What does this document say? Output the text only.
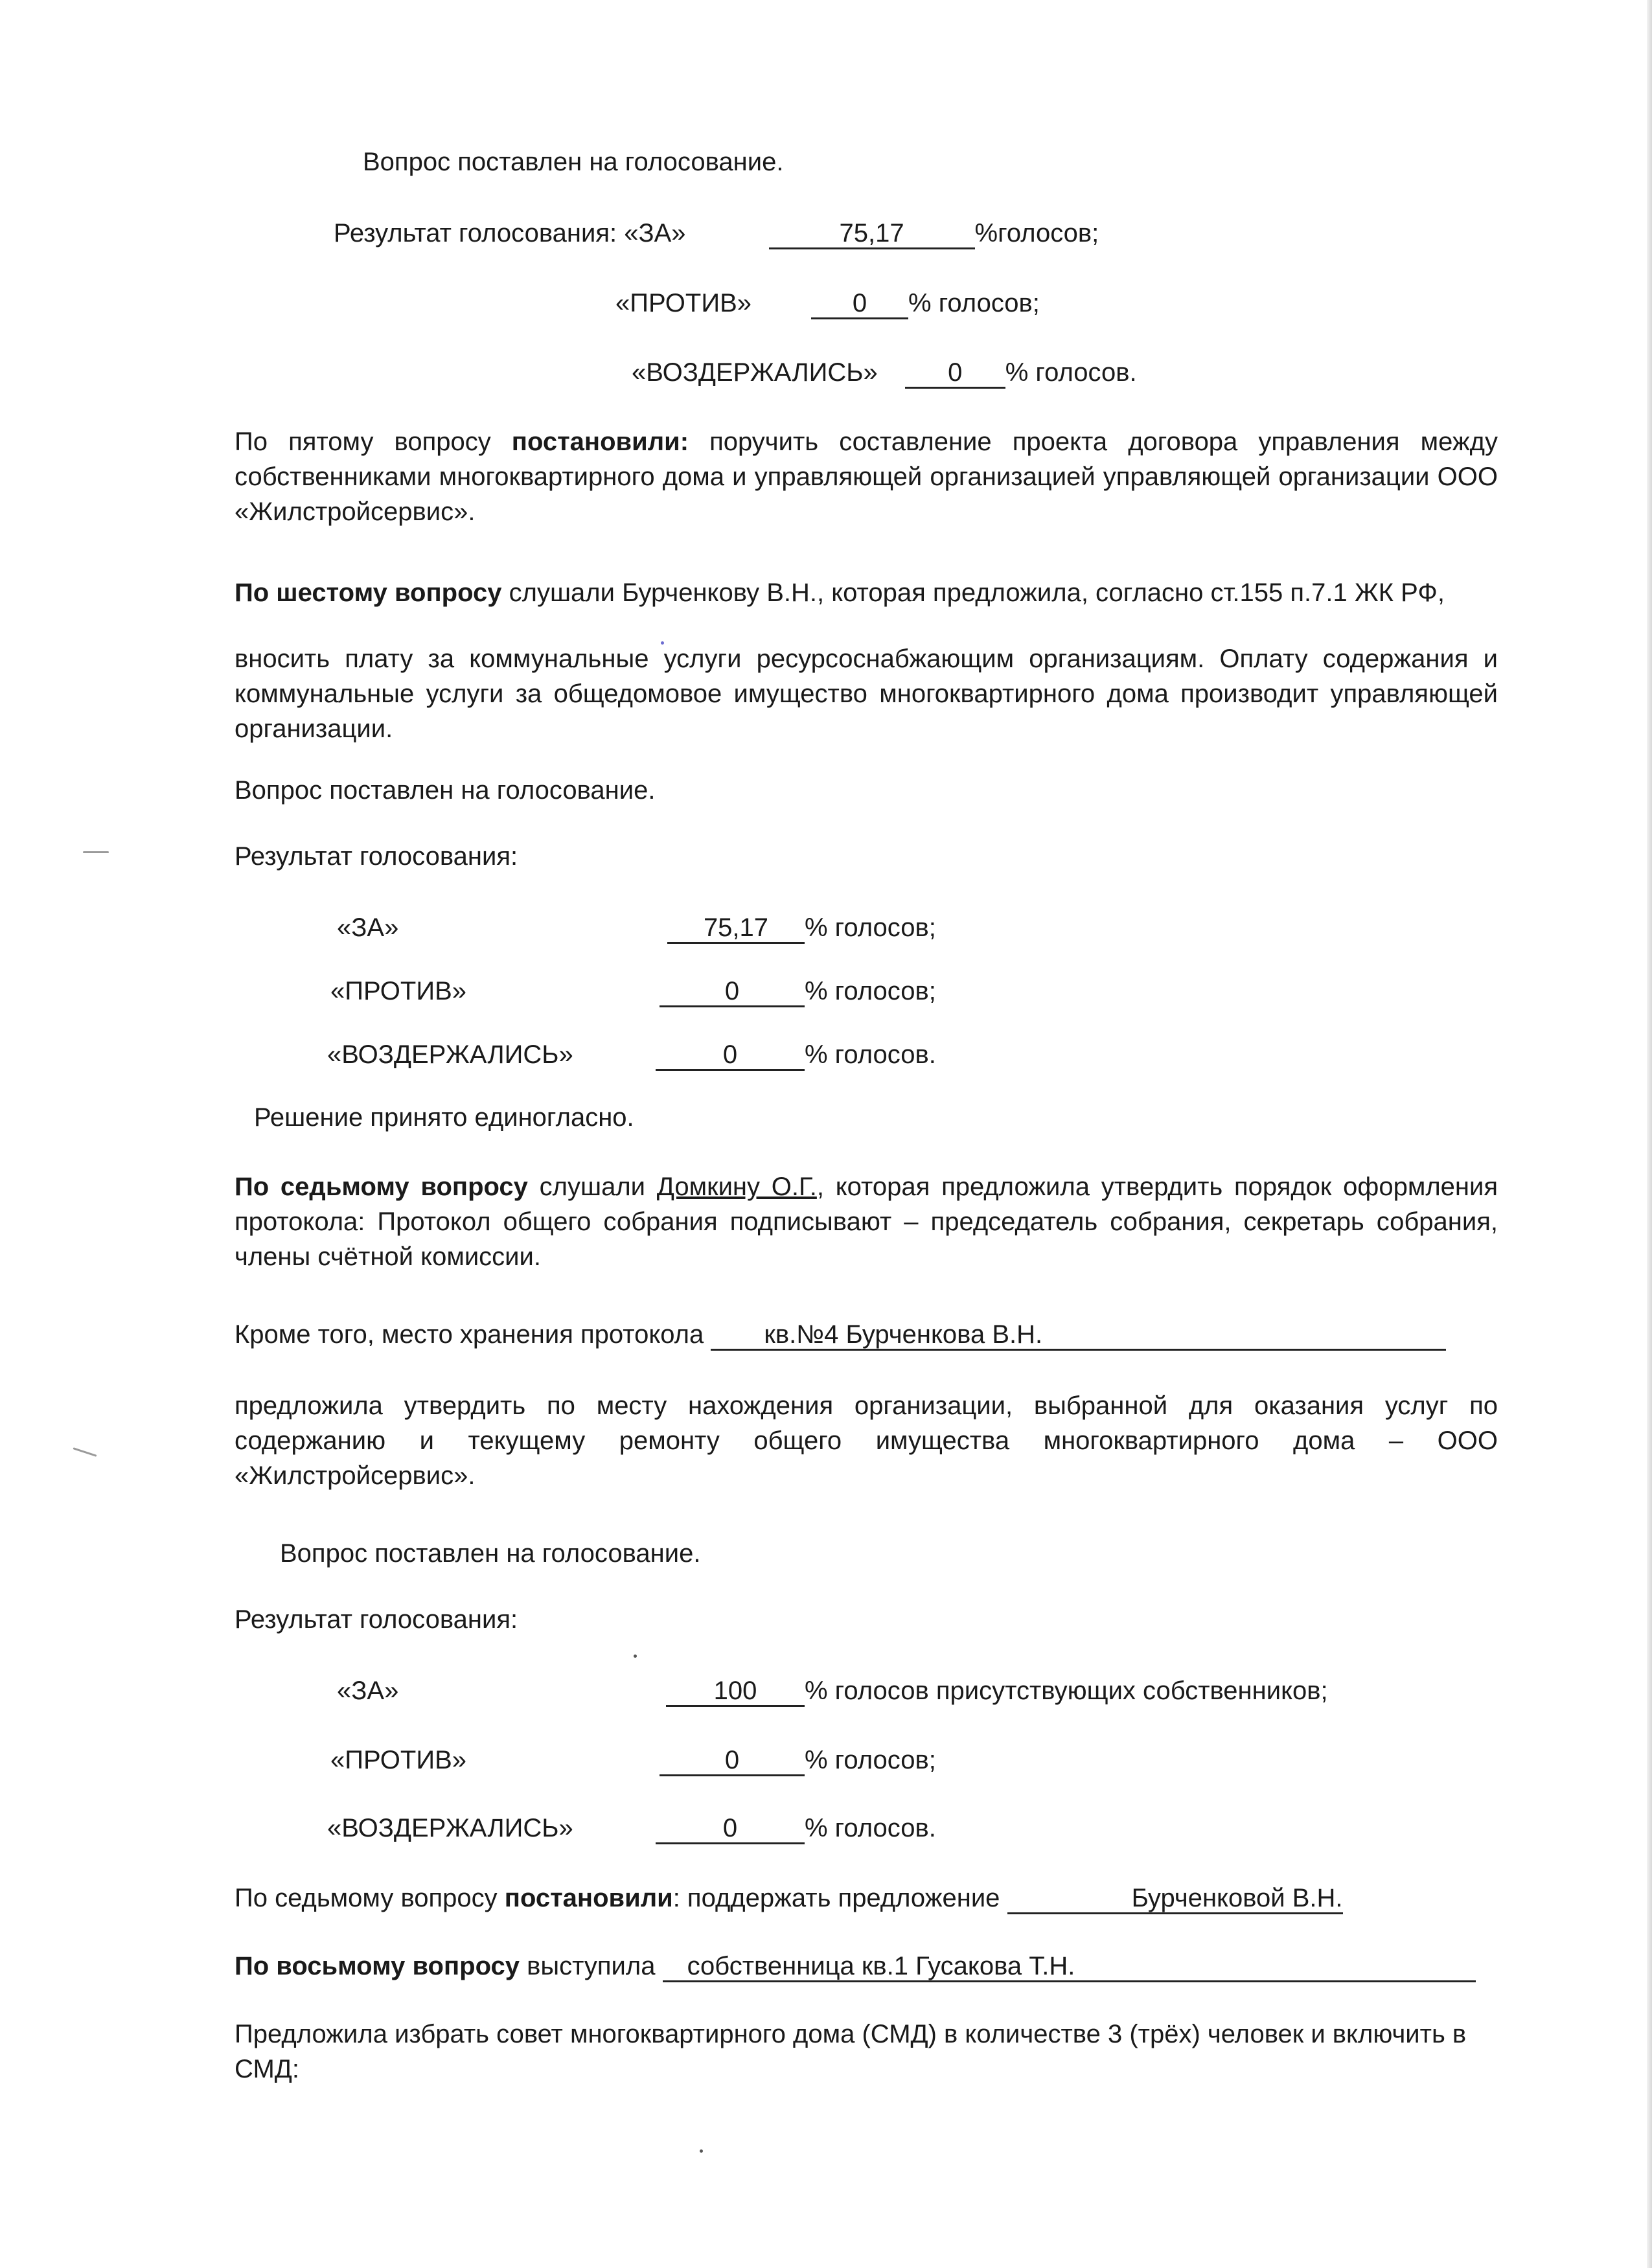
Вопрос поставлен на голосование.
Результат голосования: «ЗА»	75,17	%голосов;
«ПРОТИВ»	0 % голосов;
«ВОЗДЕРЖАЛИСЬ»	0 % голосов.
По пятому вопросу постановили: поручить составление проекта договора управления между собственниками многоквартирного дома и управляющей организацией управляющей организации ООО «Жилстройсервис».
По шестому вопросу слушали Бурченкову В.Н., которая предложила, согласно ст.155 п.7.1 ЖК РФ,
вносить плату за коммунальные услуги ресурсоснабжающим организациям. Оплату содержания и коммунальные услуги за общедомовое имущество многоквартирного дома производит управляющей организации.
Вопрос поставлен на голосование.
Результат голосования:
«ЗА»	75,17 % голосов;
«ПРОТИВ»	0	% голосов;
«ВОЗДЕРЖАЛИСЬ»	0	% голосов.
Решение принято единогласно.
По седьмому вопросу слушали Домкину О.Г., которая предложила утвердить порядок оформления протокола: Протокол общего собрания подписывают – председатель собрания, секретарь собрания, члены счётной комиссии.
Кроме того, место хранения протокола кв.№4 Бурченкова В.Н.
предложила утвердить по месту нахождения организации, выбранной для оказания услуг по содержанию и текущему ремонту общего имущества многоквартирного дома – ООО «Жилстройсервис».
Вопрос поставлен на голосование.
Результат голосования:
«ЗА»	100 % голосов присутствующих собственников;
«ПРОТИВ»	0	% голосов;
«ВОЗДЕРЖАЛИСЬ»	0	% голосов.
По седьмому вопросу постановили: поддержать предложение	Бурченковой В.Н.
По восьмому вопросу выступила собственница кв.1 Гусакова Т.Н.
Предложила избрать совет многоквартирного дома (СМД) в количестве 3 (трёх) человек и включить в СМД:
